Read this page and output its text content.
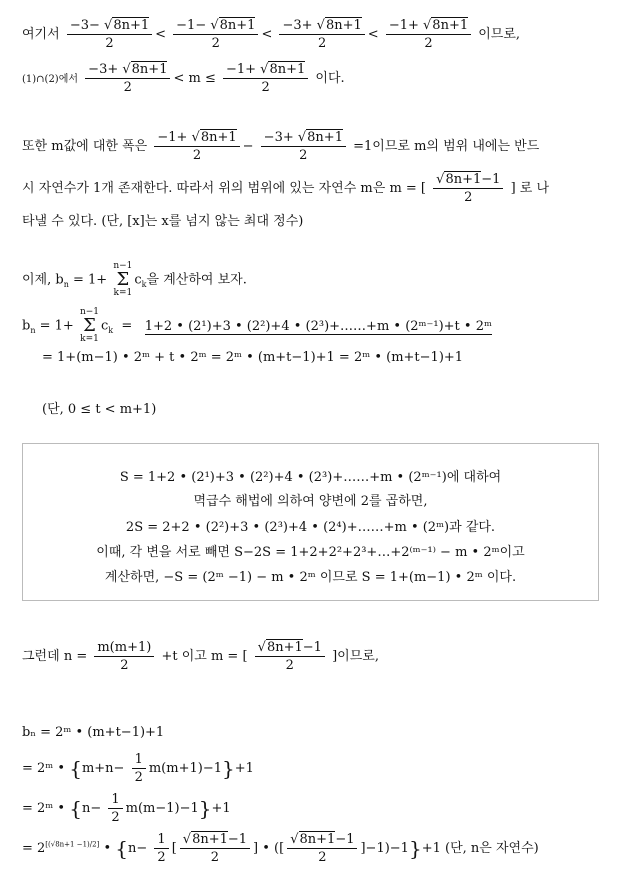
여기서 $\frac{-3- √8n+1}{2} < \frac{-1- √8n+1}{2} < \frac{-3+ √8n+1}{2} < \frac{-1+ √8n+1}{2}$ 이므로,
(1)∩(2)에서 $\frac{-3+ √8n+1}{2} < m \le \frac{-1+ √8n+1}{2}$ 이다.
또한 m값에 대한 폭은 $\frac{-1+ √8n+1}{2} - \frac{-3+ √8n+1}{2} =1$이므로 m의 범위 내에는 반드
시 자연수가 1개 존재한다. 따라서 위의 범위에 있는 자연수 m은 m = [ $\frac{√8n+1-1}{2}$ ] 로 나
타낼 수 있다. (단, [x]는 x를 넘지 않는 최대 정수)
이제, $b_n = 1+$
n−1
Σ
k=1
$c_k$을 계산하여 보자.
$b_n = 1+$
n−1
Σ
k=1
$c_k = 1+2$ • (2¹)+3 • (2²)+4 • (2³)+……+m • (2ᵐ⁻¹)+t • 2ᵐ
= 1+(m−1) • 2ᵐ + t • 2ᵐ = 2ᵐ • (m+t−1)+1 = 2ᵐ • (m+t−1)+1
(단, 0 ≤ t < m+1)
S = 1+2 • (2¹)+3 • (2²)+4 • (2³)+……+m • (2ᵐ⁻¹)에 대하여
멱급수 해법에 의하여 양변에 2를 곱하면,
2S = 2+2 • (2²)+3 • (2³)+4 • (2⁴)+……+m • (2ᵐ)과 같다.
이때, 각 변을 서로 빼면 S−2S = 1+2+2²+2³+…+2⁽ᵐ⁻¹⁾ − m • 2ᵐ이고
계산하면, −S = (2ᵐ −1) − m • 2ᵐ 이므로 S = 1+(m−1) • 2ᵐ 이다.
그런데 $n = \frac{m(m+1)}{2} +t$ 이고 m = [ $\frac{√8n+1-1}{2}$ ]이므로,
bₙ = 2ᵐ • (m+t−1)+1
= 2ᵐ • $\{m+n- \frac{1}{2} m(m+1)-1\}+1$
= 2ᵐ • $\{n- \frac{1}{2} m(m-1)-1\}+1$
= 2[(√8n+1 −1)/2] • {$n- \frac{1}{2}$ [ $\frac{√8n+1-1}{2}$ ] • ([ $\frac{√8n+1-1}{2} ]-1)-1\}+1$ (단, n은 자연수)
